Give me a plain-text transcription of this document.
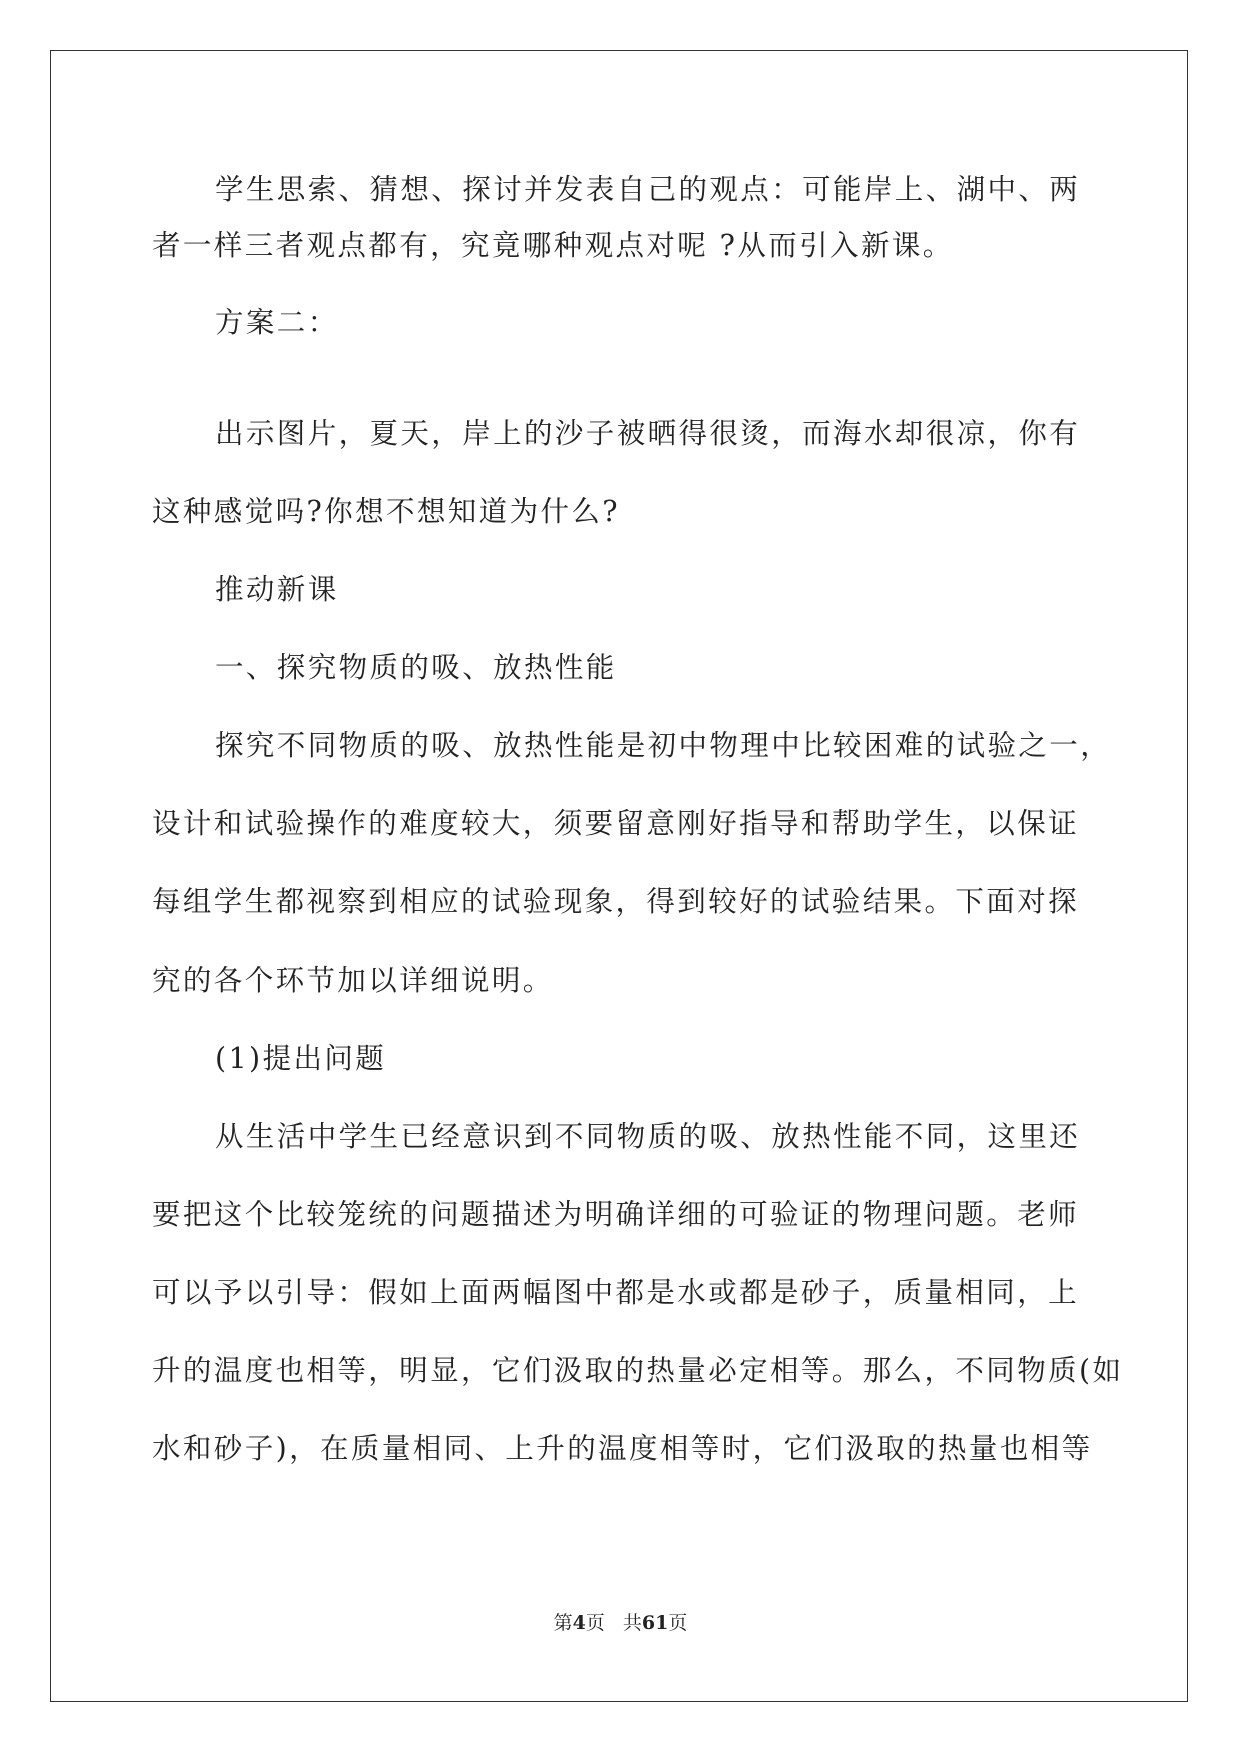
学生思索、猜想、探讨并发表自己的观点：可能岸上、湖中、两
者一样三者观点都有，究竟哪种观点对呢 ?从而引入新课。
方案二：
出示图片，夏天，岸上的沙子被晒得很烫，而海水却很凉，你有
这种感觉吗?你想不想知道为什么?
推动新课
一、探究物质的吸、放热性能
探究不同物质的吸、放热性能是初中物理中比较困难的试验之一，
设计和试验操作的难度较大，须要留意刚好指导和帮助学生，以保证
每组学生都视察到相应的试验现象，得到较好的试验结果。下面对探
究的各个环节加以详细说明。
(1)提出问题
从生活中学生已经意识到不同物质的吸、放热性能不同，这里还
要把这个比较笼统的问题描述为明确详细的可验证的物理问题。老师
可以予以引导：假如上面两幅图中都是水或都是砂子，质量相同，上
升的温度也相等，明显，它们汲取的热量必定相等。那么，不同物质(如
水和砂子)，在质量相同、上升的温度相等时，它们汲取的热量也相等
第4页 共61页
